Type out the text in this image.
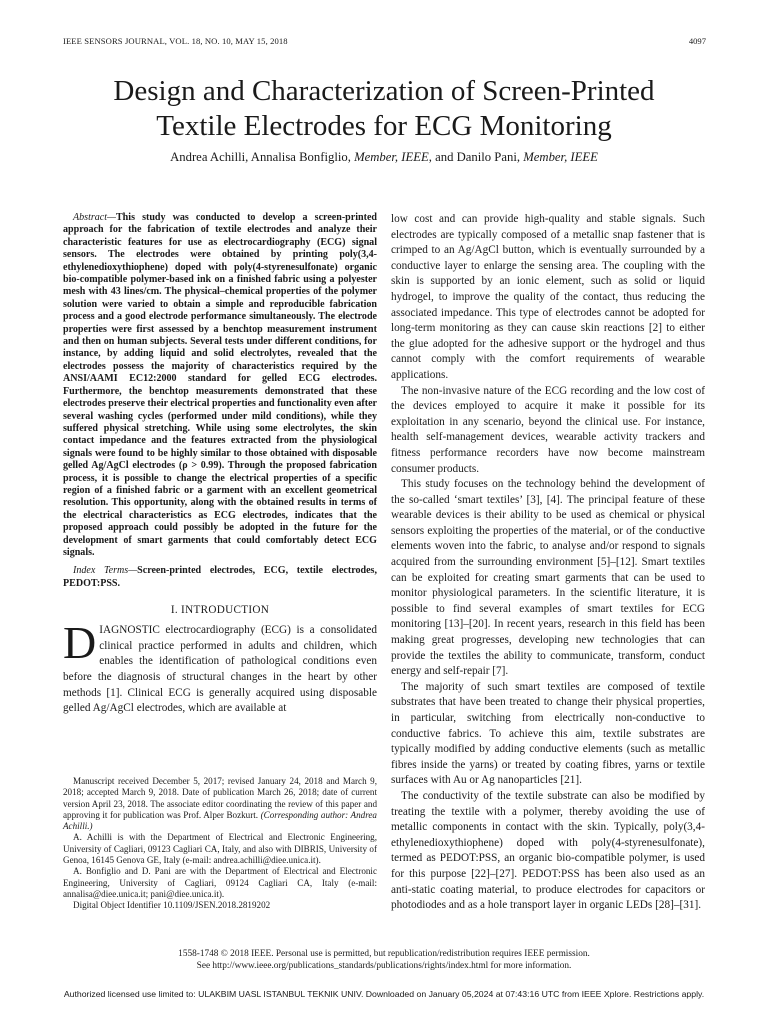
IEEE SENSORS JOURNAL, VOL. 18, NO. 10, MAY 15, 2018	4097
Design and Characterization of Screen-Printed
Textile Electrodes for ECG Monitoring
Andrea Achilli, Annalisa Bonfiglio, Member, IEEE, and Danilo Pani, Member, IEEE

Abstract—This study was conducted to develop a screen-printed approach for the fabrication of textile electrodes and analyze their characteristic features for use as electrocardiography (ECG) signal sensors. The electrodes were obtained by printing poly(3,4-ethylenedioxythiophene) doped with poly(4-styrenesulfonate) organic bio-compatible polymer-based ink on a finished fabric using a polyester mesh with 43 lines/cm. The physical–chemical properties of the polymer solution were varied to obtain a simple and reproducible fabrication process and a good electrode performance simultaneously. The electrode properties were first assessed by a benchtop measurement instrument and then on human subjects. Several tests under different conditions, for instance, by adding liquid and solid electrolytes, revealed that the electrodes possess the majority of characteristics required by the ANSI/AAMI EC12:2000 standard for gelled ECG electrodes. Furthermore, the benchtop measurements demonstrated that these electrodes preserve their electrical properties and functionality even after several washing cycles (performed under mild conditions), while they suffered physical stretching. While using some electrolytes, the skin contact impedance and the features extracted from the physiological signals were found to be highly similar to those obtained with disposable gelled Ag/AgCl electrodes (ρ > 0.99). Through the proposed fabrication process, it is possible to change the electrical properties of a specific region of a finished fabric or a garment with an excellent geometrical resolution. This opportunity, along with the obtained results in terms of the electrical characteristics as ECG electrodes, indicates that the proposed approach could possibly be adopted in the future for the development of smart garments that could comfortably detect ECG signals.

Index Terms—Screen-printed electrodes, ECG, textile electrodes, PEDOT:PSS.

I. INTRODUCTION

DIAGNOSTIC electrocardiography (ECG) is a consolidated clinical practice performed in adults and children, which enables the identification of pathological conditions even before the diagnosis of structural changes in the heart by other methods [1]. Clinical ECG is generally acquired using disposable gelled Ag/AgCl electrodes, which are available at

Manuscript received December 5, 2017; revised January 24, 2018 and March 9, 2018; accepted March 9, 2018. Date of publication March 26, 2018; date of current version April 23, 2018. The associate editor coordinating the review of this paper and approving it for publication was Prof. Alper Bozkurt. (Corresponding author: Andrea Achilli.)

A. Achilli is with the Department of Electrical and Electronic Engineering, University of Cagliari, 09123 Cagliari CA, Italy, and also with DIBRIS, University of Genoa, 16145 Genova GE, Italy (e-mail: andrea.achilli@diee.unica.it).

A. Bonfiglio and D. Pani are with the Department of Electrical and Electronic Engineering, University of Cagliari, 09124 Cagliari CA, Italy (e-mail: annalisa@diee.unica.it; pani@diee.unica.it).

Digital Object Identifier 10.1109/JSEN.2018.2819202

low cost and can provide high-quality and stable signals. Such electrodes are typically composed of a metallic snap fastener that is crimped to an Ag/AgCl button, which is eventually surrounded by a conductive layer to enlarge the sensing area. The coupling with the skin is supported by an ionic element, such as solid or liquid hydrogel, to improve the quality of the contact, thus reducing the associated impedance. This type of electrodes cannot be adopted for long-term monitoring as they can cause skin reactions [2] to either the glue adopted for the adhesive support or the hydrogel and thus cannot comply with the comfort requirements of wearable applications.

The non-invasive nature of the ECG recording and the low cost of the devices employed to acquire it make it possible for its exploitation in any scenario, beyond the clinical use. For instance, health self-management devices, wearable activity trackers and fitness performance recorders have now become mainstream consumer products.

This study focuses on the technology behind the development of the so-called ‘smart textiles’ [3], [4]. The principal feature of these wearable devices is their ability to be used as chemical or physical sensors exploiting the properties of the material, or of the conductive elements woven into the fabric, to analyse and/or respond to signals acquired from the surrounding environment [5]–[12]. Smart textiles can be exploited for creating smart garments that can be used to monitor physiological parameters. In the scientific literature, it is possible to find several examples of smart textiles for ECG monitoring [13]–[20]. In recent years, research in this field has been making great progresses, developing new technologies that can provide the textiles the ability to communicate, transform, conduct energy and self-repair [7].

The majority of such smart textiles are composed of textile substrates that have been treated to change their physical properties, in particular, switching from electrically non-conductive to conductive fabrics. To achieve this aim, textile substrates are typically modified by adding conductive elements (such as metallic fibres inside the yarns) or treated by coating fibres, yarns or textile surfaces with Au or Ag nanoparticles [21].

The conductivity of the textile substrate can also be modified by treating the textile with a polymer, thereby avoiding the use of metallic components in contact with the skin. Typically, poly(3,4-ethylenedioxythiophene) doped with poly(4-styrenesulfonate), termed as PEDOT:PSS, an organic bio-compatible polymer, is used for this purpose [22]–[27]. PEDOT:PSS has been also used as an anti-static coating material, to produce electrodes for capacitors or photodiodes and as a hole transport layer in organic LEDs [28]–[31].

1558-1748 © 2018 IEEE. Personal use is permitted, but republication/redistribution requires IEEE permission.
See http://www.ieee.org/publications_standards/publications/rights/index.html for more information.
Authorized licensed use limited to: ULAKBIM UASL ISTANBUL TEKNIK UNIV. Downloaded on January 05,2024 at 07:43:16 UTC from IEEE Xplore. Restrictions apply.
